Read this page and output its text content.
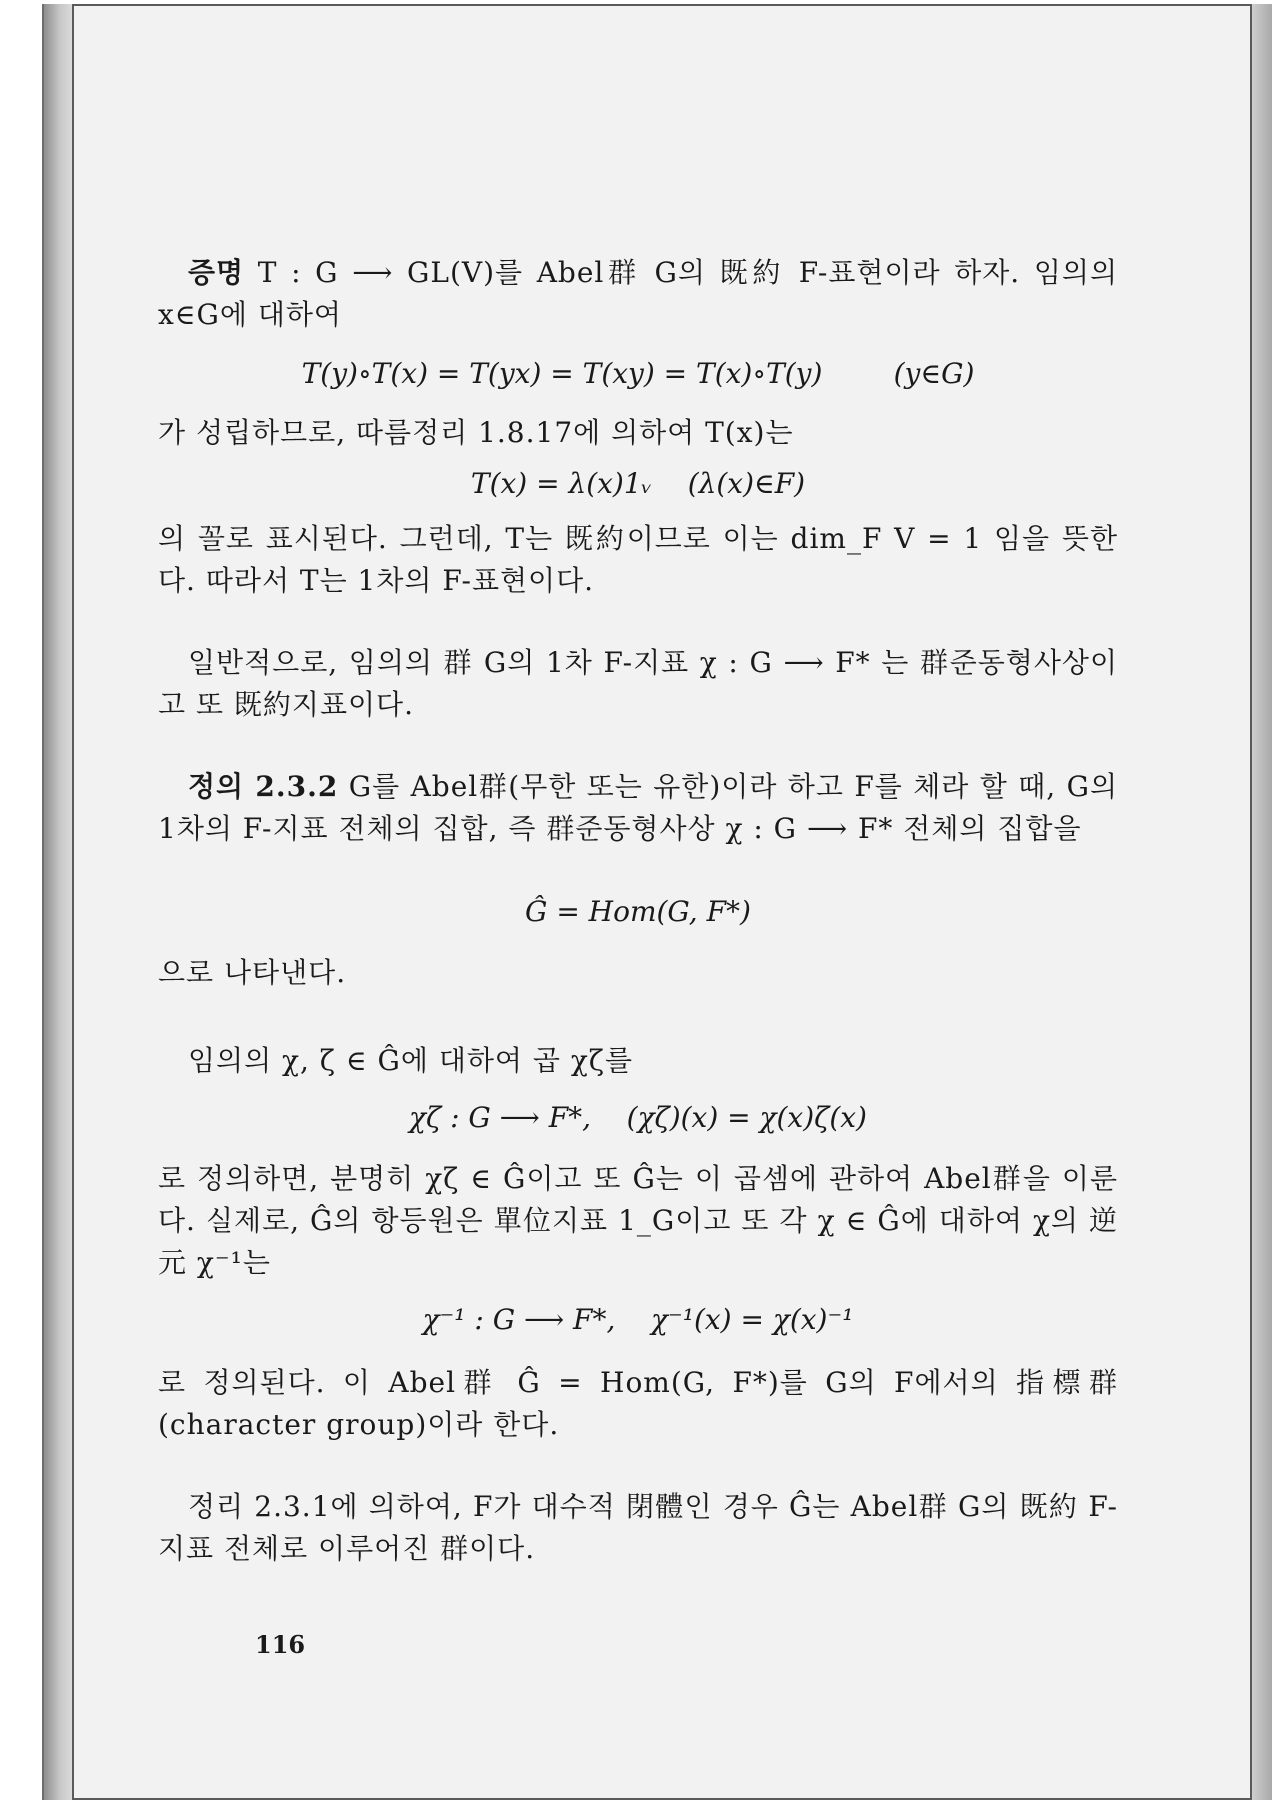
증명 T : G ⟶ GL(V)를 Abel群 G의 既約 F-표현이라 하자. 임의의 x∈G에 대하여

T(y)∘T(x) = T(yx) = T(xy) = T(x)∘T(y)        (y∈G)

가 성립하므로, 따름정리 1.8.17에 의하여 T(x)는

T(x) = λ(x)1ᵥ    (λ(x)∈F)

의 꼴로 표시된다. 그런데, T는 既約이므로 이는 dim_F V = 1 임을 뜻한다. 따라서 T는 1차의 F-표현이다.

일반적으로, 임의의 群 G의 1차 F-지표 χ : G ⟶ F* 는 群준동형사상이고 또 既約지표이다.

정의 2.3.2 G를 Abel群(무한 또는 유한)이라 하고 F를 체라 할 때, G의 1차의 F-지표 전체의 집합, 즉 群준동형사상 χ : G ⟶ F* 전체의 집합을

Ĝ = Hom(G, F*)

으로 나타낸다.

임의의 χ, ζ ∈ Ĝ에 대하여 곱 χζ를

χζ : G ⟶ F*,    (χζ)(x) = χ(x)ζ(x)

로 정의하면, 분명히 χζ ∈ Ĝ이고 또 Ĝ는 이 곱셈에 관하여 Abel群을 이룬다. 실제로, Ĝ의 항등원은 單位지표 1_G이고 또 각 χ ∈ Ĝ에 대하여 χ의 逆元 χ⁻¹는

χ⁻¹ : G ⟶ F*,    χ⁻¹(x) = χ(x)⁻¹

로 정의된다. 이 Abel群 Ĝ = Hom(G, F*)를 G의 F에서의 指標群 (character group)이라 한다.

정리 2.3.1에 의하여, F가 대수적 閉體인 경우 Ĝ는 Abel群 G의 既約 F-지표 전체로 이루어진 群이다.

116
